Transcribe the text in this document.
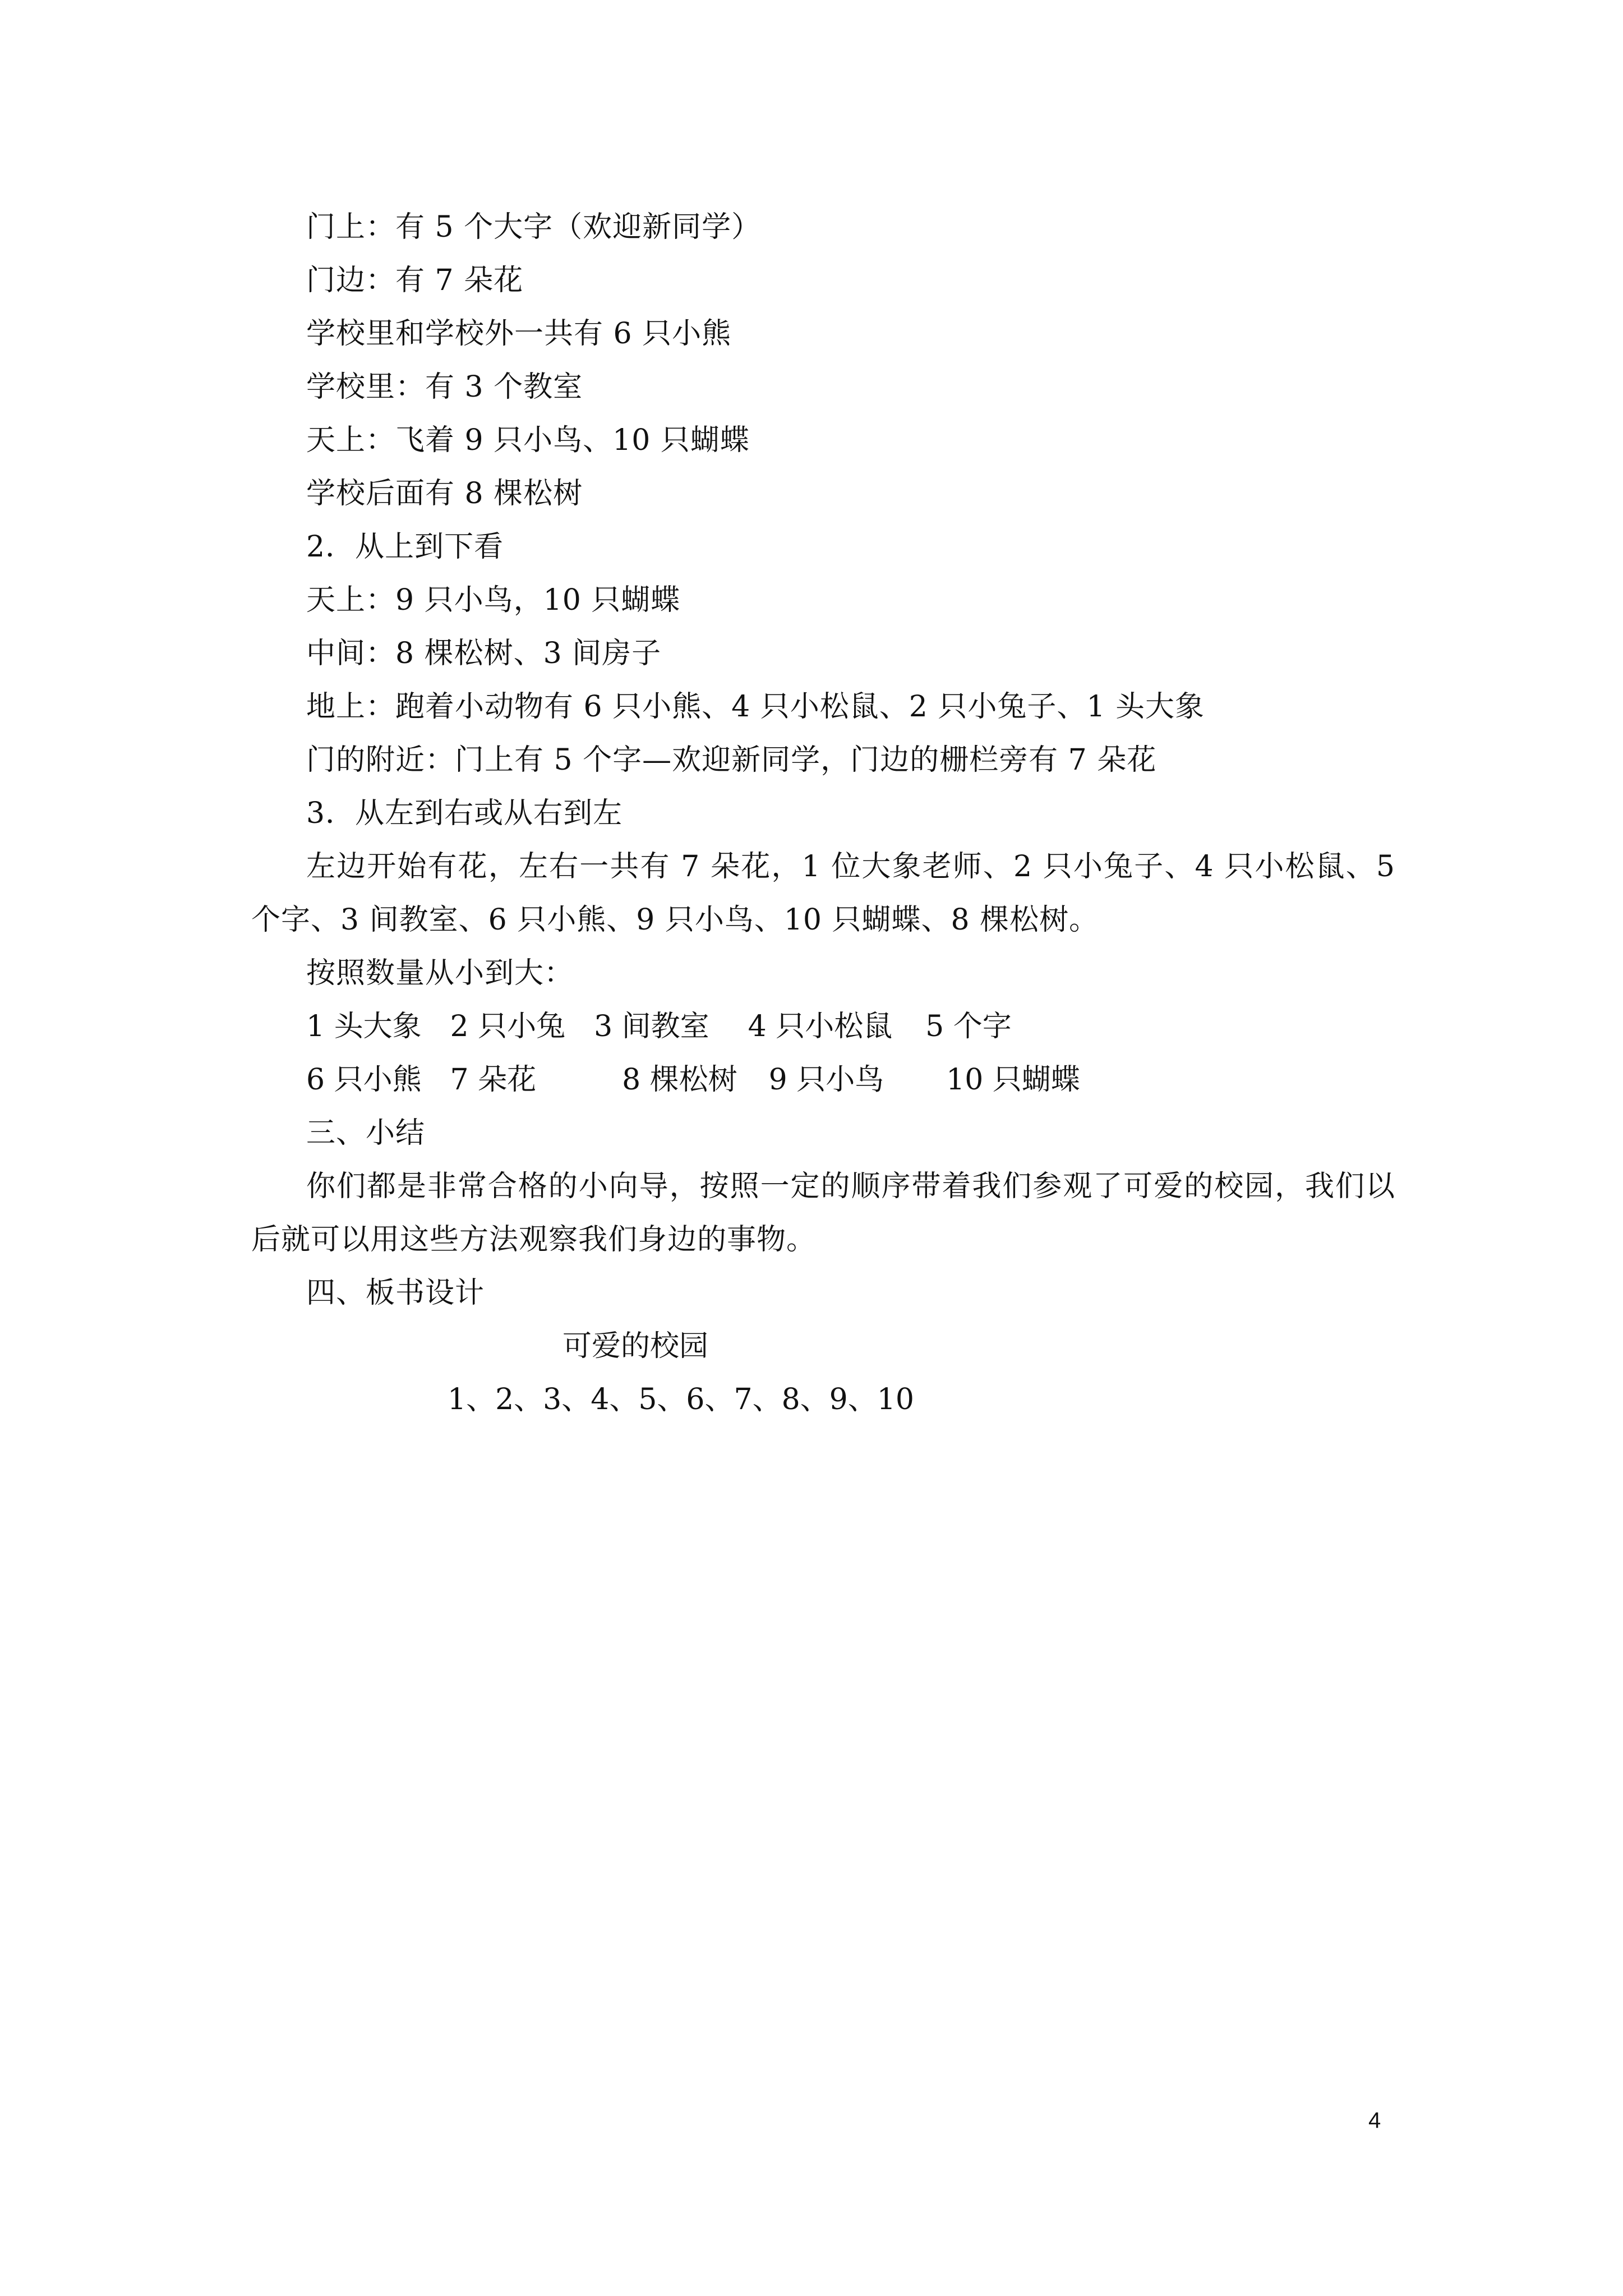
门上：有 5 个大字（欢迎新同学）
门边：有 7 朵花
学校里和学校外一共有 6 只小熊
学校里：有 3 个教室
天上：飞着 9 只小鸟、10 只蝴蝶
学校后面有 8 棵松树
2．从上到下看
天上：9 只小鸟，10 只蝴蝶
中间：8 棵松树、3 间房子
地上：跑着小动物有 6 只小熊、4 只小松鼠、2 只小兔子、1 头大象
门的附近：门上有 5 个字—欢迎新同学，门边的栅栏旁有 7 朵花
3．从左到右或从右到左

左边开始有花，左右一共有 7 朵花，1 位大象老师、2 只小兔子、4 只小松鼠、5 个字、3 间教室、6 只小熊、9 只小鸟、10 只蝴蝶、8 棵松树。

按照数量从小到大：
1 头大象 2 只小兔 3 间教室 4 只小松鼠 5 个字
6 只小熊 7 朵花	8 棵松树 9 只小鸟 10 只蝴蝶
三、小结

你们都是非常合格的小向导，按照一定的顺序带着我们参观了可爱的校园，我们以后就可以用这些方法观察我们身边的事物。

四、板书设计
可爱的校园
1、2、3、4、5、6、7、8、9、10
4
